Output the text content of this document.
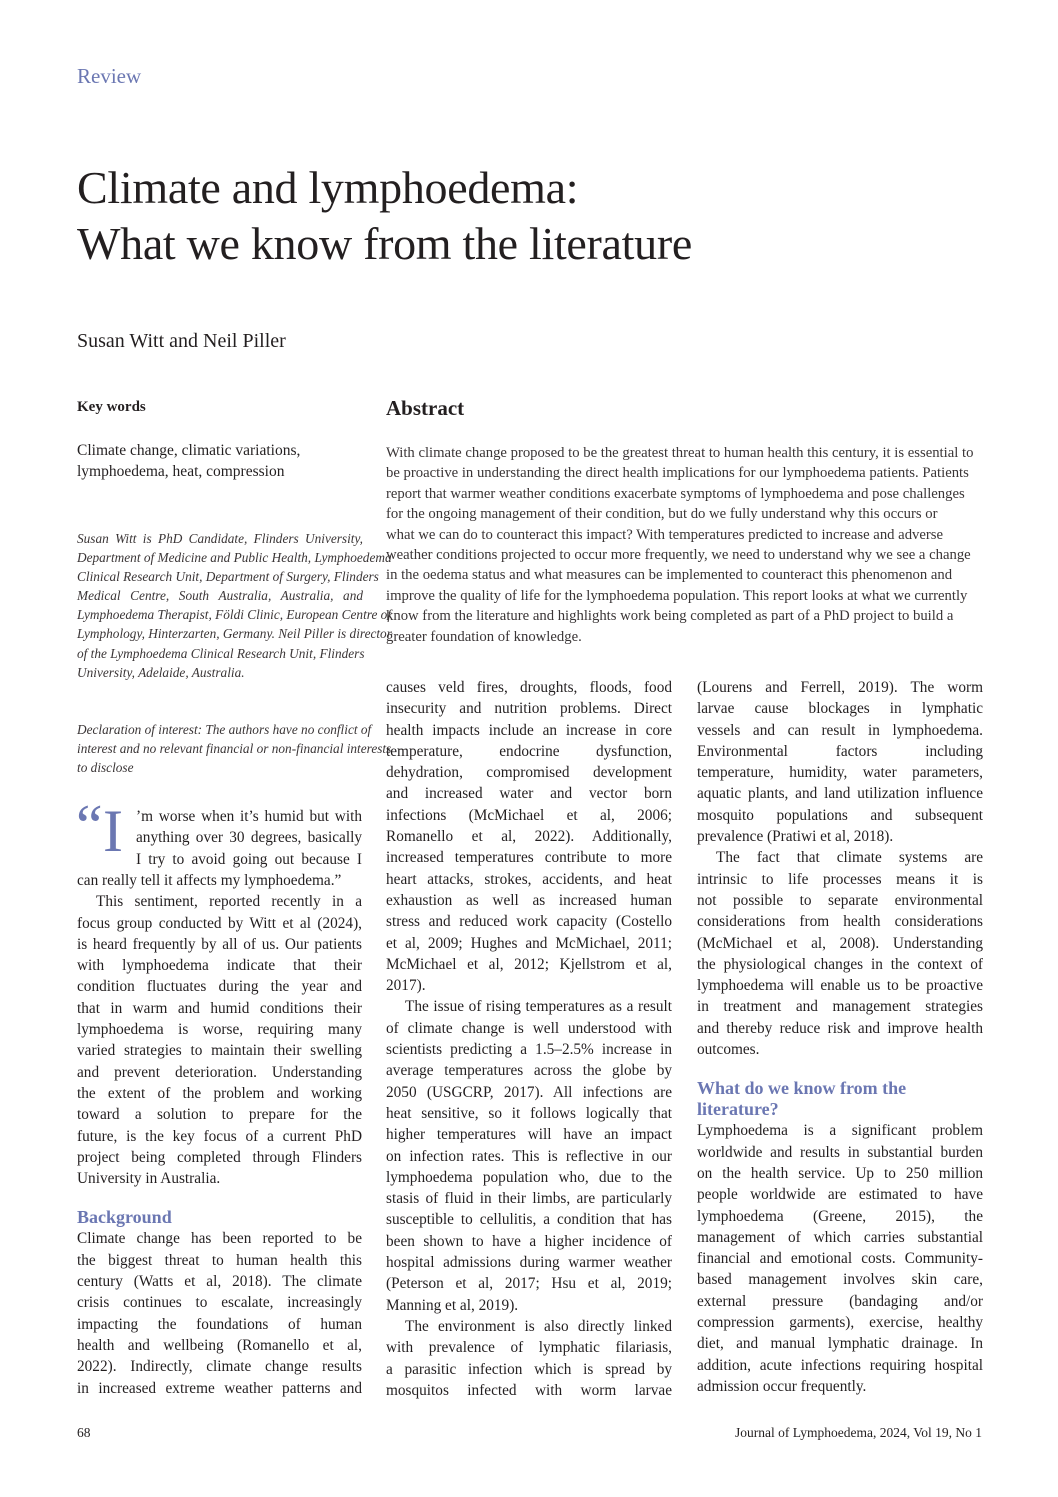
Review
Climate and lymphoedema:
What we know from the literature
Susan Witt and Neil Piller
Key words
Climate change, climatic variations,
lymphoedema, heat, compression
Susan Witt is PhD Candidate, Flinders University,
Department of Medicine and Public Health, Lymphoedema
Clinical Research Unit, Department of Surgery, Flinders
Medical Centre, South Australia, Australia, and
Lymphoedema Therapist, Földi Clinic, European Centre of
Lymphology, Hinterzarten, Germany. Neil Piller is director
of the Lymphoedema Clinical Research Unit, Flinders
University, Adelaide, Australia.
Declaration of interest: The authors have no conflict of
interest and no relevant financial or non-financial interests
to disclose
Abstract
With climate change proposed to be the greatest threat to human health this century, it is essential to
be proactive in understanding the direct health implications for our lymphoedema patients. Patients
report that warmer weather conditions exacerbate symptoms of lymphoedema and pose challenges
for the ongoing management of their condition, but do we fully understand why this occurs or
what we can do to counteract this impact? With temperatures predicted to increase and adverse
weather conditions projected to occur more frequently, we need to understand why we see a change
in the oedema status and what measures can be implemented to counteract this phenomenon and
improve the quality of life for the lymphoedema population. This report looks at what we currently
know from the literature and highlights work being completed as part of a PhD project to build a
greater foundation of knowledge.
“ I ’m worse when it’s humid but with
anything over 30 degrees, basically
I try to avoid going out because I
can really tell it affects my lymphoedema.”
This sentiment, reported recently in a
focus group conducted by Witt et al (2024),
is heard frequently by all of us. Our patients
with lymphoedema indicate that their
condition fluctuates during the year and
that in warm and humid conditions their
lymphoedema is worse, requiring many
varied strategies to maintain their swelling
and prevent deterioration. Understanding
the extent of the problem and working
toward a solution to prepare for the
future, is the key focus of a current PhD
project being completed through Flinders
University in Australia.
Background
Climate change has been reported to be
the biggest threat to human health this
century (Watts et al, 2018). The climate
crisis continues to escalate, increasingly
impacting the foundations of human
health and wellbeing (Romanello et al,
2022). Indirectly, climate change results
in increased extreme weather patterns and
causes veld fires, droughts, floods, food
insecurity and nutrition problems. Direct
health impacts include an increase in core
temperature, endocrine dysfunction,
dehydration, compromised development
and increased water and vector born
infections (McMichael et al, 2006;
Romanello et al, 2022). Additionally,
increased temperatures contribute to more
heart attacks, strokes, accidents, and heat
exhaustion as well as increased human
stress and reduced work capacity (Costello
et al, 2009; Hughes and McMichael, 2011;
McMichael et al, 2012; Kjellstrom et al,
2017).
The issue of rising temperatures as a result
of climate change is well understood with
scientists predicting a 1.5–2.5% increase in
average temperatures across the globe by
2050 (USGCRP, 2017). All infections are
heat sensitive, so it follows logically that
higher temperatures will have an impact
on infection rates. This is reflective in our
lymphoedema population who, due to the
stasis of fluid in their limbs, are particularly
susceptible to cellulitis, a condition that has
been shown to have a higher incidence of
hospital admissions during warmer weather
(Peterson et al, 2017; Hsu et al, 2019;
Manning et al, 2019).
The environment is also directly linked
with prevalence of lymphatic filariasis,
a parasitic infection which is spread by
mosquitos infected with worm larvae
(Lourens and Ferrell, 2019). The worm
larvae cause blockages in lymphatic
vessels and can result in lymphoedema.
Environmental factors including
temperature, humidity, water parameters,
aquatic plants, and land utilization influence
mosquito populations and subsequent
prevalence (Pratiwi et al, 2018).
The fact that climate systems are
intrinsic to life processes means it is
not possible to separate environmental
considerations from health considerations
(McMichael et al, 2008). Understanding
the physiological changes in the context of
lymphoedema will enable us to be proactive
in treatment and management strategies
and thereby reduce risk and improve health
outcomes.
What do we know from the
literature?
Lymphoedema is a significant problem
worldwide and results in substantial burden
on the health service. Up to 250 million
people worldwide are estimated to have
lymphoedema (Greene, 2015), the
management of which carries substantial
financial and emotional costs. Community-
based management involves skin care,
external pressure (bandaging and/or
compression garments), exercise, healthy
diet, and manual lymphatic drainage. In
addition, acute infections requiring hospital
admission occur frequently.
68	Journal of Lymphoedema, 2024, Vol 19, No 1
